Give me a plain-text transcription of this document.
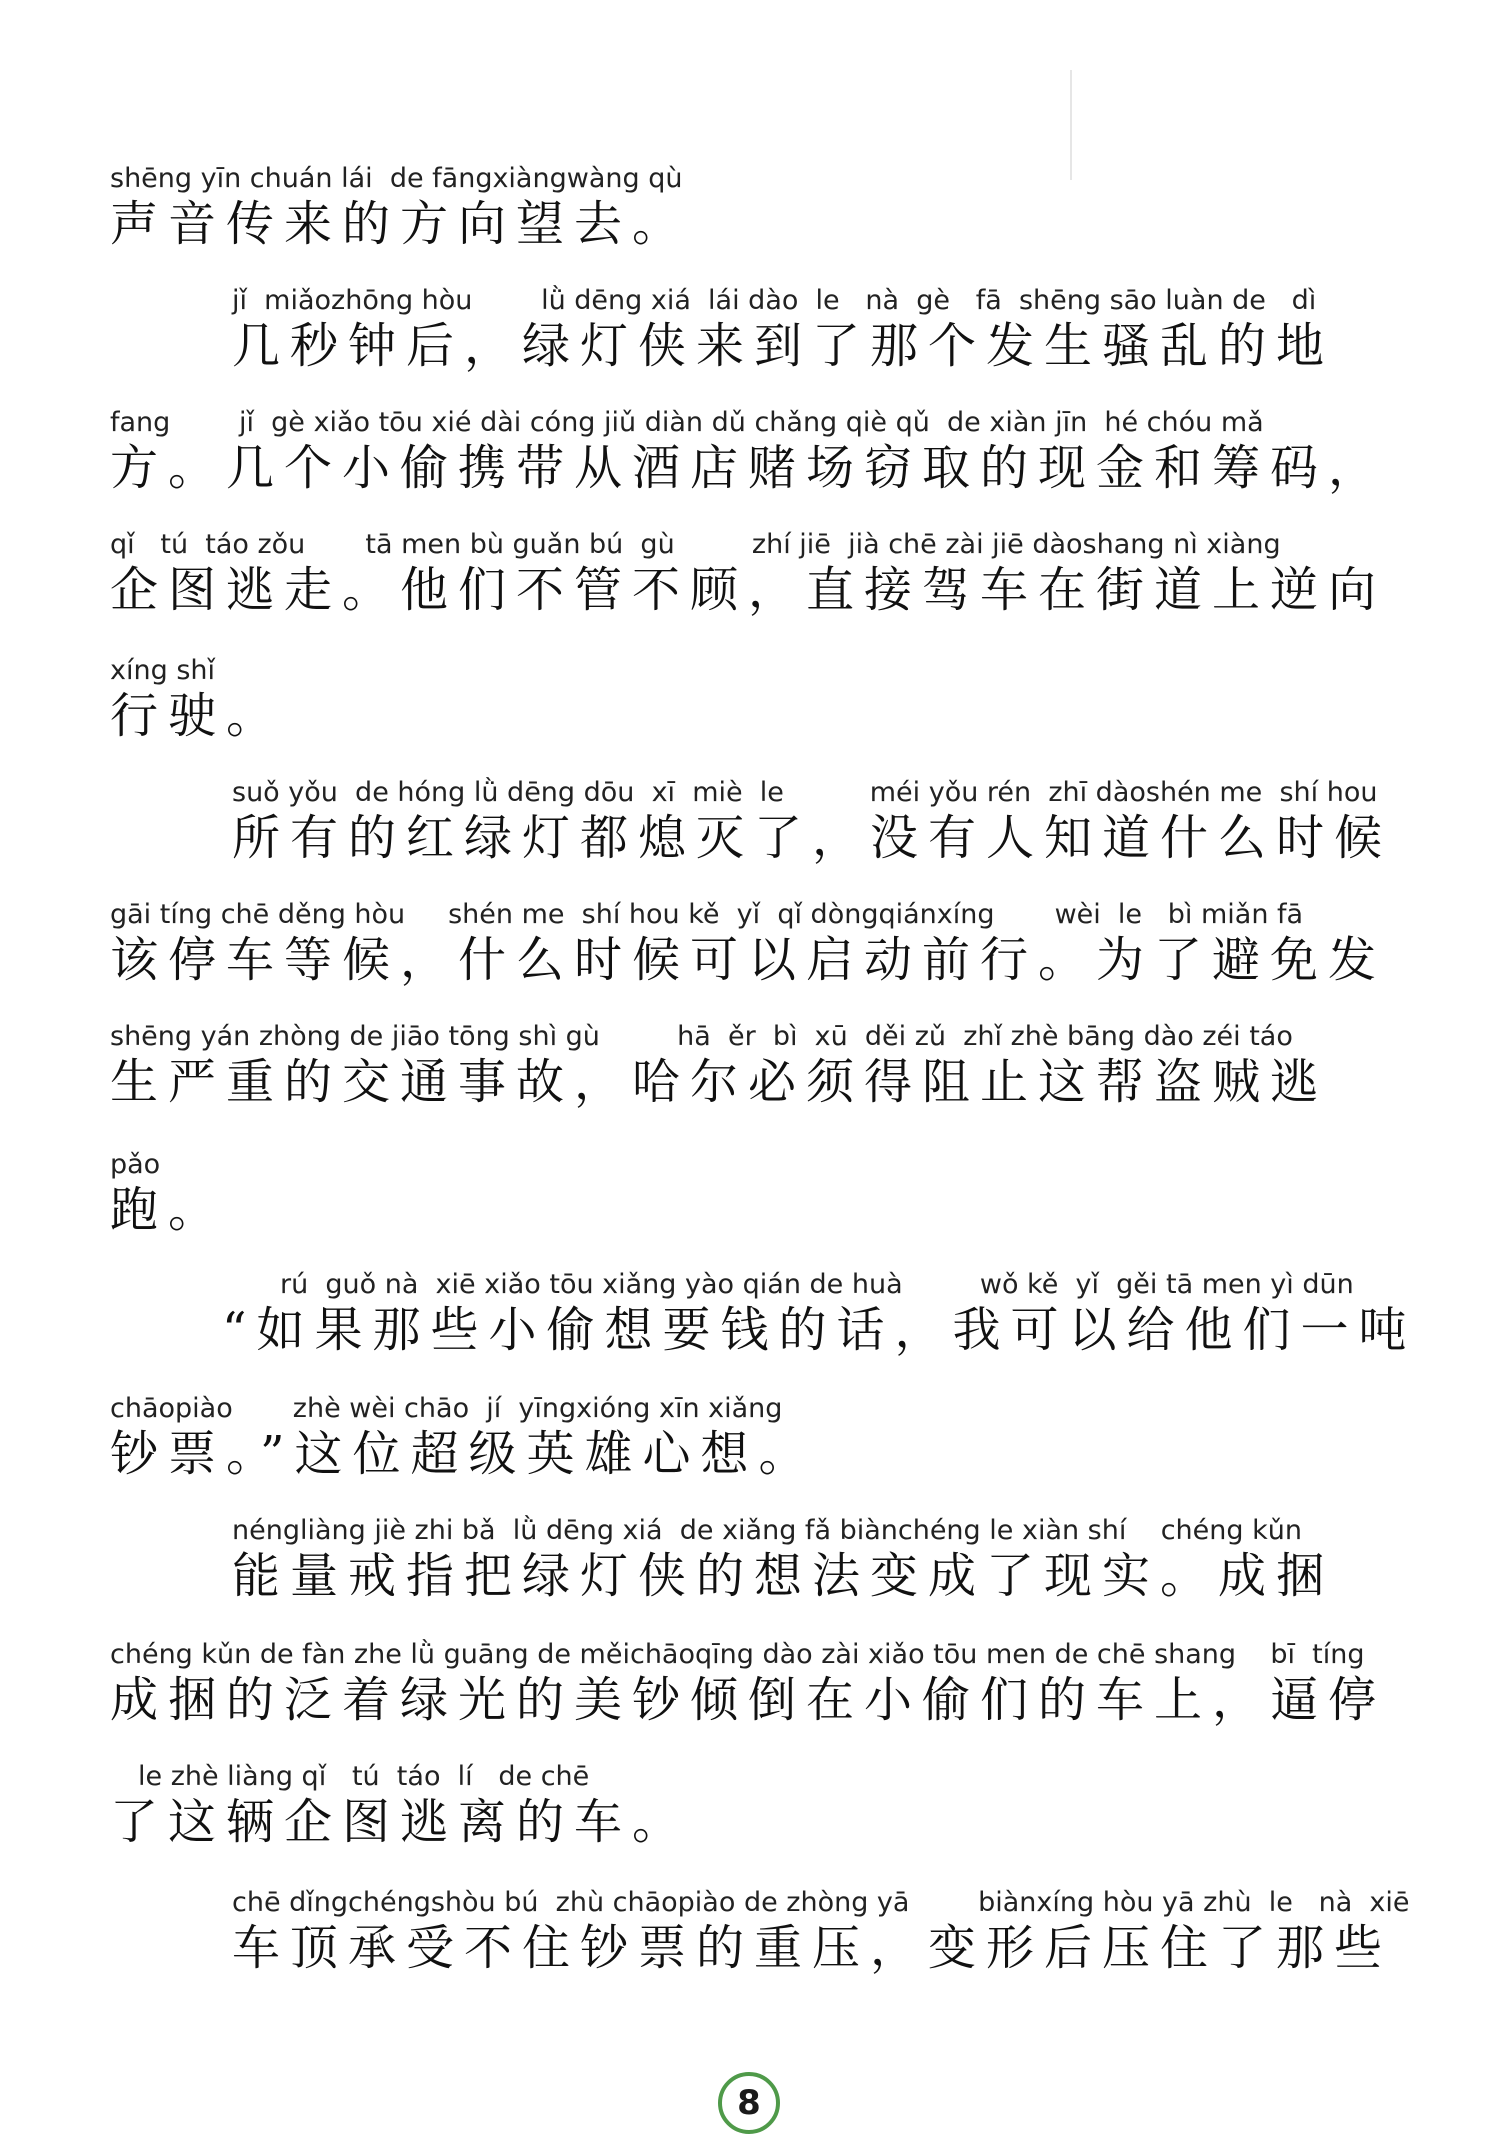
shēng yīn chuán lái  de fāngxiàngwàng qù
声音传来的方向望去。
jǐ  miǎozhōng hòu        lǜ dēng xiá  lái dào  le   nà  gè   fā  shēng sāo luàn de   dì
几秒钟后，绿灯侠来到了那个发生骚乱的地
fang        jǐ  gè xiǎo tōu xié dài cóng jiǔ diàn dǔ chǎng qiè qǔ  de xiàn jīn  hé chóu mǎ
方。几个小偷携带从酒店赌场窃取的现金和筹码，
qǐ   tú  táo zǒu       tā men bù guǎn bú  gù         zhí jiē  jià chē zài jiē dàoshang nì xiàng
企图逃走。他们不管不顾，直接驾车在街道上逆向
xíng shǐ
行驶。
suǒ yǒu  de hóng lǜ dēng dōu  xī  miè  le          méi yǒu rén  zhī dàoshén me  shí hou
所有的红绿灯都熄灭了，没有人知道什么时候
gāi tíng chē děng hòu     shén me  shí hou kě  yǐ  qǐ dòngqiánxíng       wèi  le   bì miǎn fā
该停车等候，什么时候可以启动前行。为了避免发
shēng yán zhòng de jiāo tōng shì gù         hā  ěr  bì  xū  děi zǔ  zhǐ zhè bāng dào zéi táo
生严重的交通事故，哈尔必须得阻止这帮盗贼逃
pǎo
跑。
rú  guǒ nà  xiē xiǎo tōu xiǎng yào qián de huà         wǒ kě  yǐ  gěi tā men yì dūn
“如果那些小偷想要钱的话，我可以给他们一吨
chāopiào       zhè wèi chāo  jí  yīngxióng xīn xiǎng
钞票。”这位超级英雄心想。
néngliàng jiè zhi bǎ  lǜ dēng xiá  de xiǎng fǎ biànchéng le xiàn shí    chéng kǔn
能量戒指把绿灯侠的想法变成了现实。成捆
chéng kǔn de fàn zhe lǜ guāng de měichāoqīng dào zài xiǎo tōu men de chē shang    bī  tíng
成捆的泛着绿光的美钞倾倒在小偷们的车上，逼停
le zhè liàng qǐ   tú  táo  lí   de chē
了这辆企图逃离的车。
chē dǐngchéngshòu bú  zhù chāopiào de zhòng yā        biànxíng hòu yā zhù  le   nà  xiē
车顶承受不住钞票的重压，变形后压住了那些
8
